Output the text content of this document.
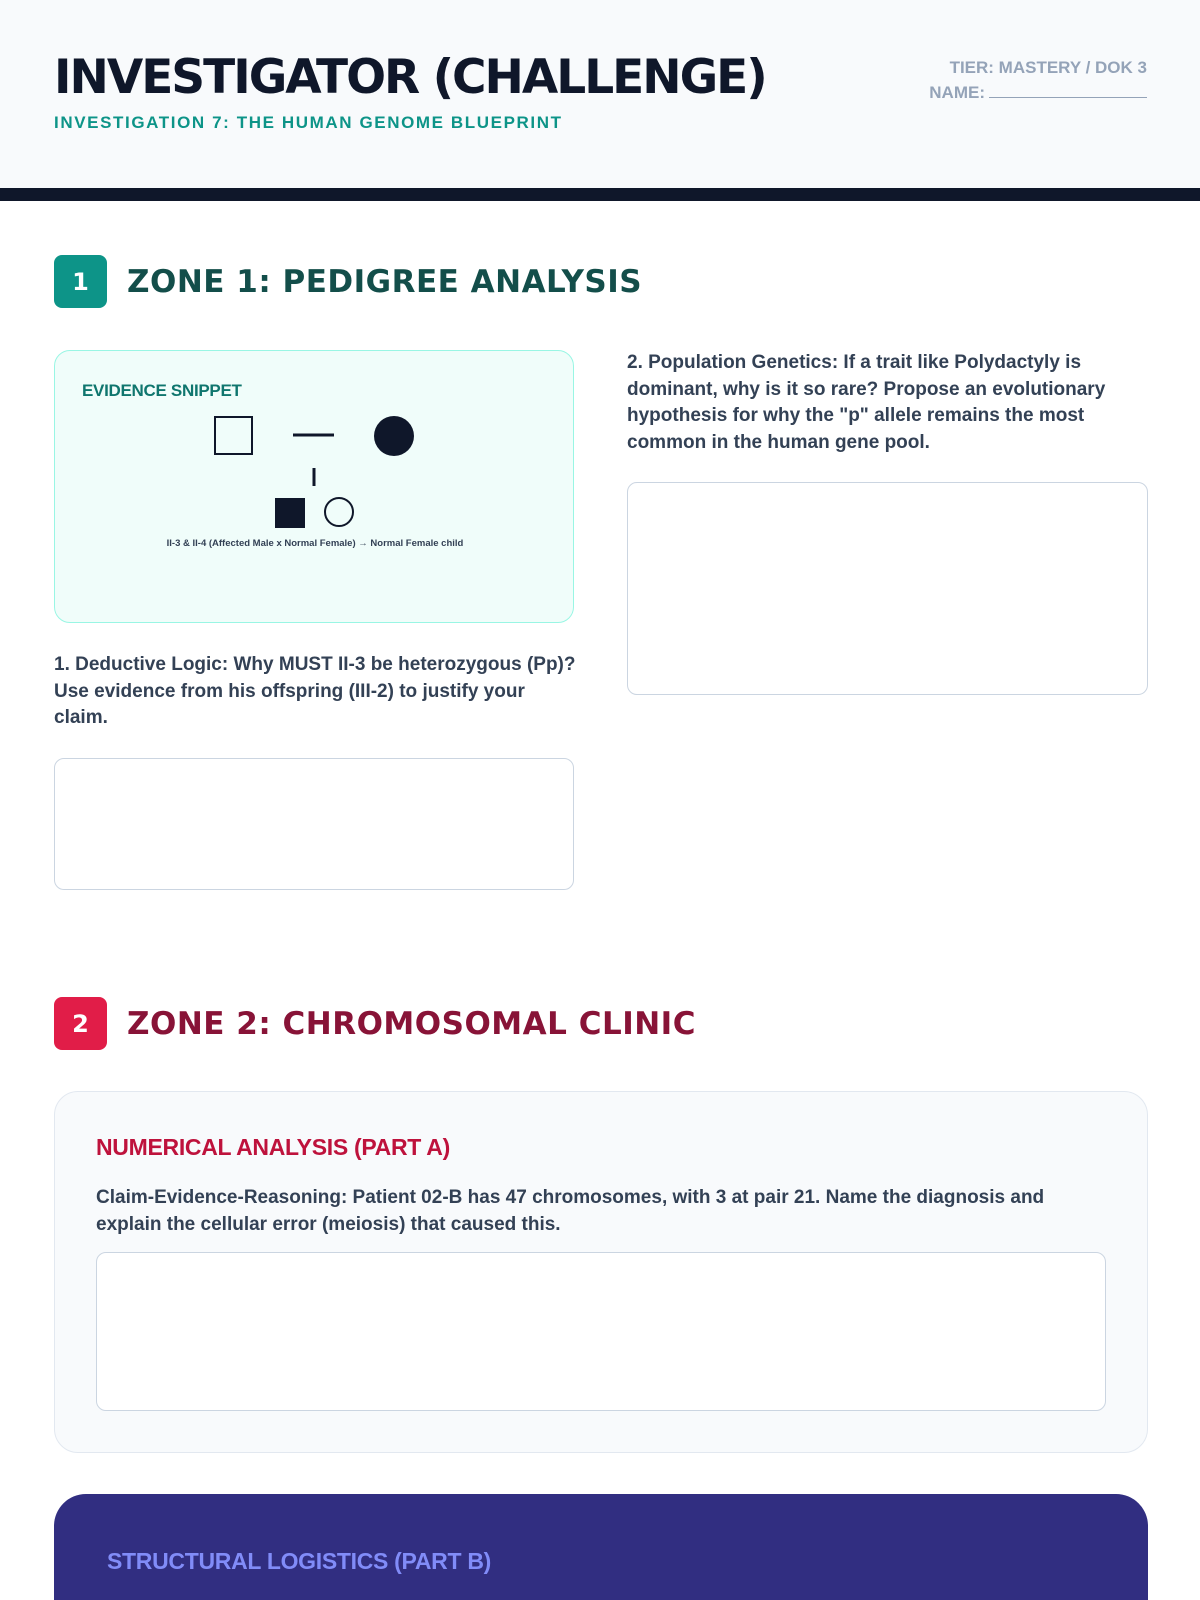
INVESTIGATOR (CHALLENGE)
INVESTIGATION 7: THE HUMAN GENOME BLUEPRINT
TIER: MASTERY / DOK 3
NAME:
1	ZONE 1: PEDIGREE ANALYSIS
EVIDENCE SNIPPET
II-3 & II-4 (Affected Male x Normal Female) → Normal Female child
1. Deductive Logic: Why MUST II-3 be heterozygous (Pp)? Use evidence from his offspring (III-2) to justify your claim.
2. Population Genetics: If a trait like Polydactyly is dominant, why is it so rare? Propose an evolutionary hypothesis for why the "p" allele remains the most common in the human gene pool.
2	ZONE 2: CHROMOSOMAL CLINIC
NUMERICAL ANALYSIS (PART A)
Claim-Evidence-Reasoning: Patient 02-B has 47 chromosomes, with 3 at pair 21. Name the diagnosis and explain the cellular error (meiosis) that caused this.
STRUCTURAL LOGISTICS (PART B)
